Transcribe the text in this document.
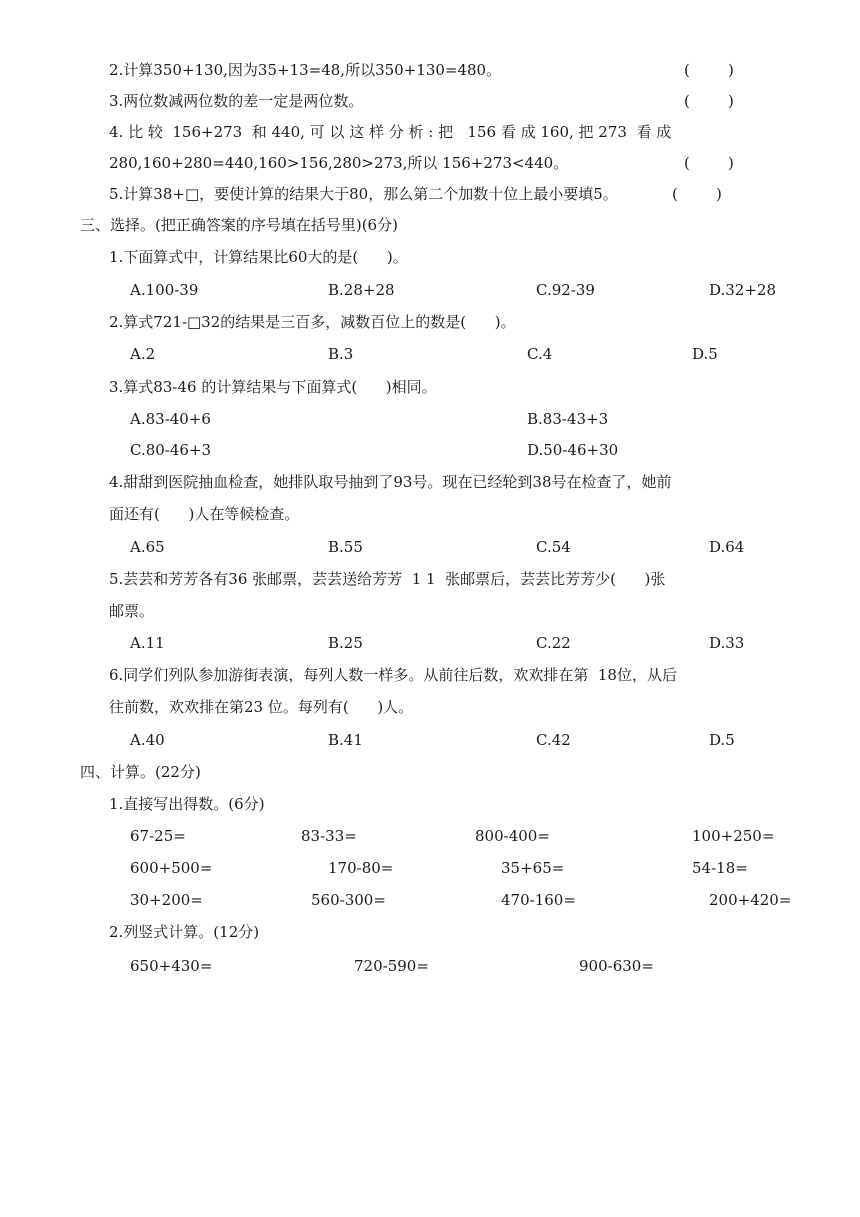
2.计算350+130,因为35+13=48,所以350+130=480。	(        )
3.两位数减两位数的差一定是两位数。	(        )
4. 比 较  156+273  和 440, 可 以 这 样 分 析 : 把   156 看 成 160, 把 273  看 成
280,160+280=440,160>156,280>273,所以 156+273<440。	(        )
5.计算38+□，要使计算的结果大于80，那么第二个加数十位上最小要填5。	(        )
三、选择。(把正确答案的序号填在括号里)(6分)
1.下面算式中，计算结果比60大的是(      )。
A.100-39	B.28+28	C.92-39	D.32+28
2.算式721-□32的结果是三百多，减数百位上的数是(      )。
A.2	B.3	C.4	D.5
3.算式83-46 的计算结果与下面算式(      )相同。
A.83-40+6	B.83-43+3
C.80-46+3	D.50-46+30
4.甜甜到医院抽血检查，她排队取号抽到了93号。现在已经轮到38号在检查了，她前
面还有(      )人在等候检查。
A.65	B.55	C.54	D.64
5.芸芸和芳芳各有36 张邮票，芸芸送给芳芳  1 1  张邮票后，芸芸比芳芳少(      )张
邮票。
A.11	B.25	C.22	D.33
6.同学们列队参加游街表演，每列人数一样多。从前往后数，欢欢排在第  18位，从后
往前数，欢欢排在第23 位。每列有(      )人。
A.40	B.41	C.42	D.5
四、计算。(22分)
1.直接写出得数。(6分)
67-25=	83-33=	800-400=	100+250=
600+500=	170-80=	35+65=	54-18=
30+200=	560-300=	470-160=	200+420=
2.列竖式计算。(12分)
650+430=	720-590=	900-630=
